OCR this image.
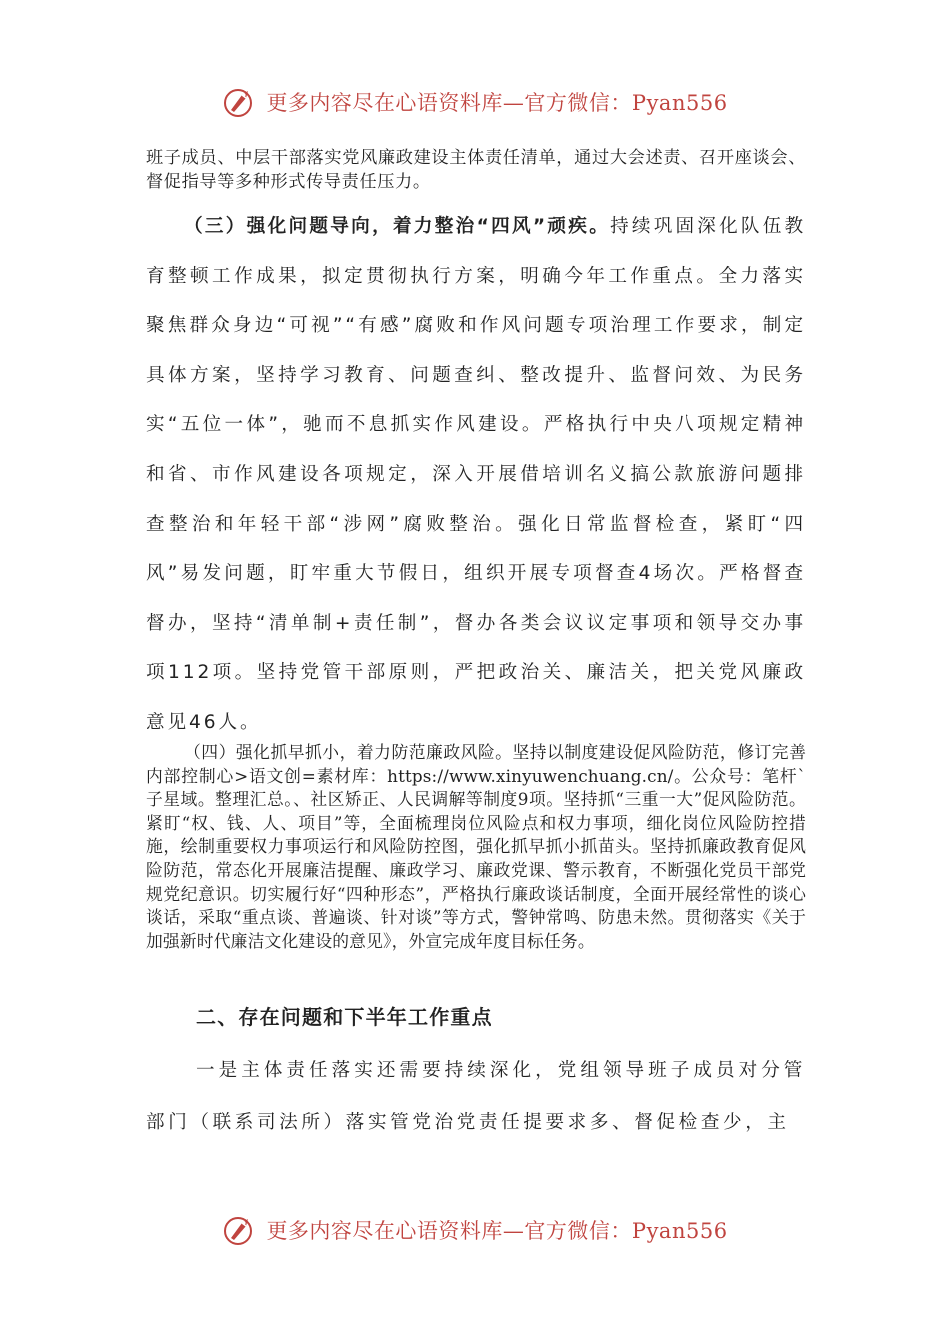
更多内容尽在心语资料库—官方微信：Pyan556

班子成员、中层干部落实党风廉政建设主体责任清单，通过大会述责、召开座谈会、督促指导等多种形式传导责任压力。

（三）强化问题导向，着力整治“四风”顽疾。持续巩固深化队伍教育整顿工作成果，拟定贯彻执行方案，明确今年工作重点。全力落实聚焦群众身边“可视”“有感”腐败和作风问题专项治理工作要求，制定具体方案，坚持学习教育、问题查纠、整改提升、监督问效、为民务实“五位一体”，驰而不息抓实作风建设。严格执行中央八项规定精神和省、市作风建设各项规定，深入开展借培训名义搞公款旅游问题排查整治和年轻干部“涉网”腐败整治。强化日常监督检查，紧盯“四风”易发问题，盯牢重大节假日，组织开展专项督查4场次。严格督查督办，坚持“清单制+责任制”，督办各类会议议定事项和领导交办事项112项。坚持党管干部原则，严把政治关、廉洁关，把关党风廉政意见46人。

（四）强化抓早抓小，着力防范廉政风险。坚持以制度建设促风险防范，修订完善内部控制心>语文创=素材库：https://www.xinyuwenchuang.cn/。公众号：笔杆`子星域。整理汇总。、社区矫正、人民调解等制度9项。坚持抓“三重一大”促风险防范。紧盯“权、钱、人、项目”等，全面梳理岗位风险点和权力事项，细化岗位风险防控措施，绘制重要权力事项运行和风险防控图，强化抓早抓小抓苗头。坚持抓廉政教育促风险防范，常态化开展廉洁提醒、廉政学习、廉政党课、警示教育，不断强化党员干部党规党纪意识。切实履行好“四种形态”，严格执行廉政谈话制度，全面开展经常性的谈心谈话，采取“重点谈、普遍谈、针对谈”等方式，警钟常鸣、防患未然。贯彻落实《关于加强新时代廉洁文化建设的意见》，外宣完成年度目标任务。

二、存在问题和下半年工作重点

一是主体责任落实还需要持续深化，党组领导班子成员对分管部门（联系司法所）落实管党治党责任提要求多、督促检查少，主

更多内容尽在心语资料库—官方微信：Pyan556
